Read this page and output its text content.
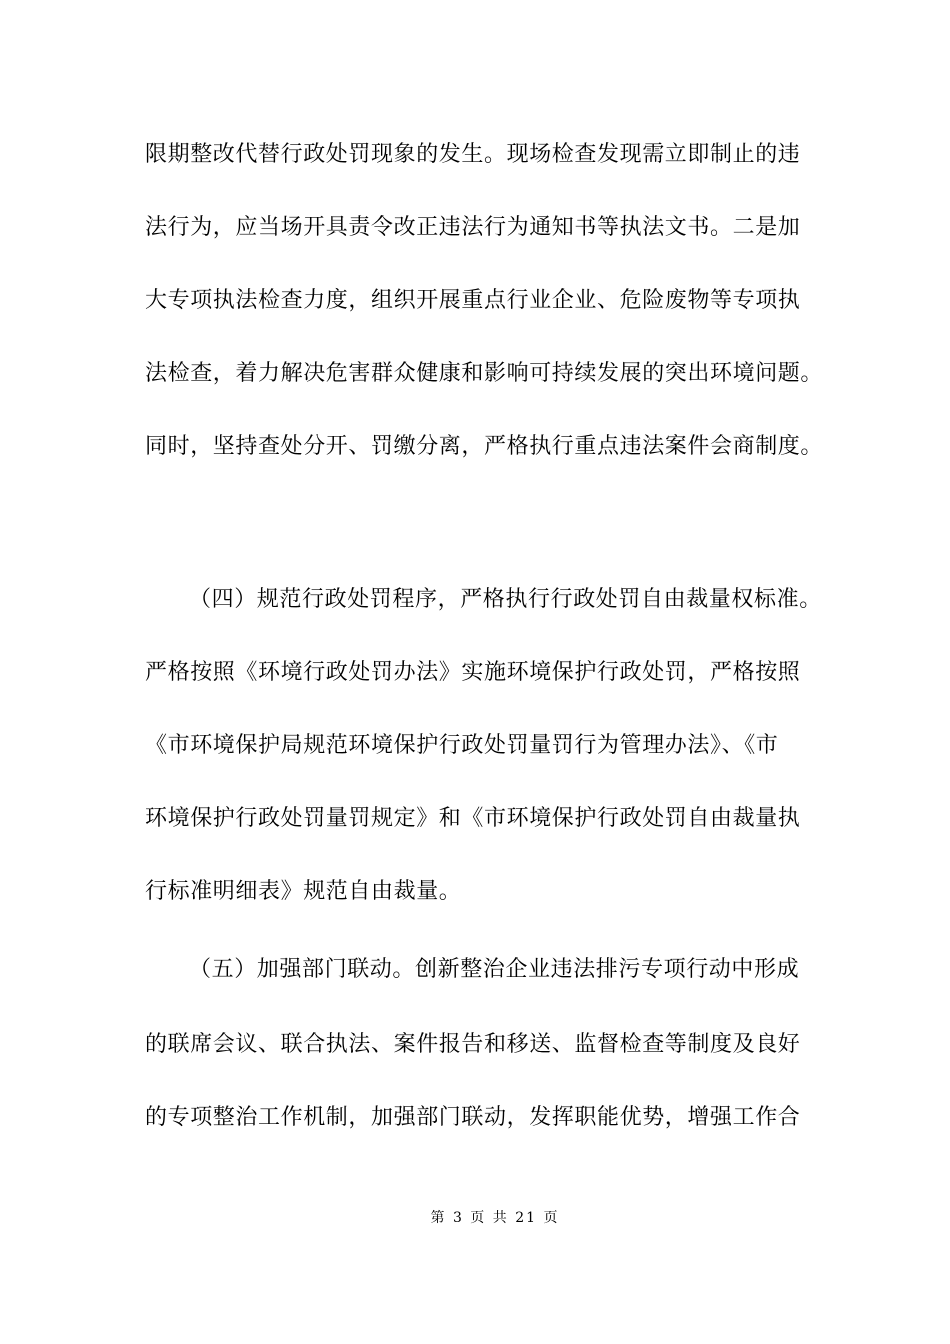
限期整改代替行政处罚现象的发生。现场检查发现需立即制止的违
法行为，应当场开具责令改正违法行为通知书等执法文书。二是加
大专项执法检查力度，组织开展重点行业企业、危险废物等专项执
法检查，着力解决危害群众健康和影响可持续发展的突出环境问题。
同时，坚持查处分开、罚缴分离，严格执行重点违法案件会商制度。
（四）规范行政处罚程序，严格执行行政处罚自由裁量权标准。
严格按照《环境行政处罚办法》实施环境保护行政处罚，严格按照
《市环境保护局规范环境保护行政处罚量罚行为管理办法》、《市
环境保护行政处罚量罚规定》和《市环境保护行政处罚自由裁量执
行标准明细表》规范自由裁量。
（五）加强部门联动。创新整治企业违法排污专项行动中形成
的联席会议、联合执法、案件报告和移送、监督检查等制度及良好
的专项整治工作机制，加强部门联动，发挥职能优势，增强工作合
第 3 页 共 21 页
